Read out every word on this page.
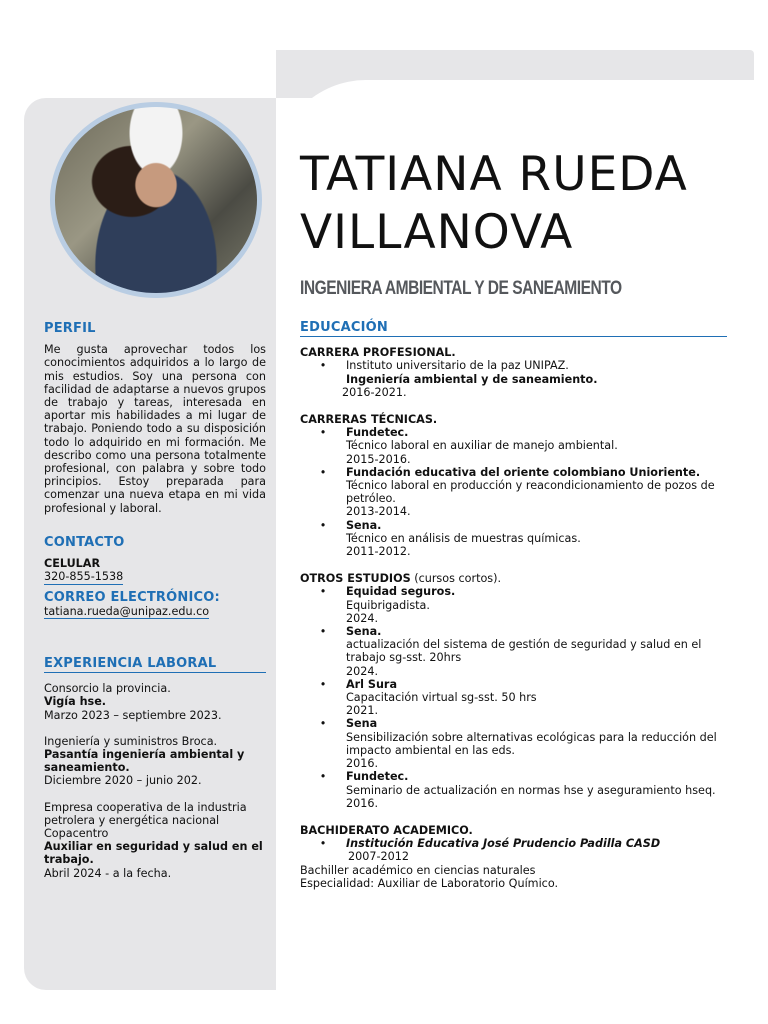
TATIANA RUEDA
VILLANOVA
INGENIERA AMBIENTAL Y DE SANEAMIENTO
PERFIL
Me gusta aprovechar todos los conocimientos adquiridos a lo largo de mis estudios. Soy una persona con facilidad de adaptarse a nuevos grupos de trabajo y tareas, interesada en aportar mis habilidades a mi lugar de trabajo. Poniendo todo a su disposición todo lo adquirido en mi formación. Me describo como una persona totalmente profesional, con palabra y sobre todo principios. Estoy preparada para comenzar una nueva etapa en mi vida profesional y laboral.
CONTACTO
CELULAR
320-855-1538
CORREO ELECTRÓNICO:
tatiana.rueda@unipaz.edu.co
EXPERIENCIA LABORAL
Consorcio la provincia.
Vigía hse.
Marzo 2023 – septiembre 2023.
Ingeniería y suministros Broca.
Pasantía ingeniería ambiental y saneamiento.
Diciembre 2020 – junio 202.
Empresa cooperativa de la industria petrolera y energética nacional Copacentro
Auxiliar en seguridad y salud en el trabajo.
Abril 2024 - a la fecha.
EDUCACIÓN
CARRERA PROFESIONAL.
•	Instituto universitario de la paz UNIPAZ.
Ingeniería ambiental y de saneamiento.
2016-2021.
CARRERAS TÉCNICAS.
•	Fundetec.
Técnico laboral en auxiliar de manejo ambiental.
2015-2016.
•	Fundación educativa del oriente colombiano Unioriente.
Técnico laboral en producción y reacondicionamiento de pozos de petróleo.
2013-2014.
•	Sena.
Técnico en análisis de muestras químicas.
2011-2012.
OTROS ESTUDIOS (cursos cortos).
•	Equidad seguros.
Equibrigadista.
2024.
•	Sena.
actualización del sistema de gestión de seguridad y salud en el trabajo sg-sst. 20hrs
2024.
•	Arl Sura
Capacitación virtual sg-sst. 50 hrs
2021.
•	Sena
Sensibilización sobre alternativas ecológicas para la reducción del impacto ambiental en las eds.
2016.
•	Fundetec.
Seminario de actualización en normas hse y aseguramiento hseq.
2016.
BACHIDERATO ACADEMICO.
•	Institución Educativa José Prudencio Padilla CASD
2007-2012
Bachiller académico en ciencias naturales
Especialidad: Auxiliar de Laboratorio Químico.
